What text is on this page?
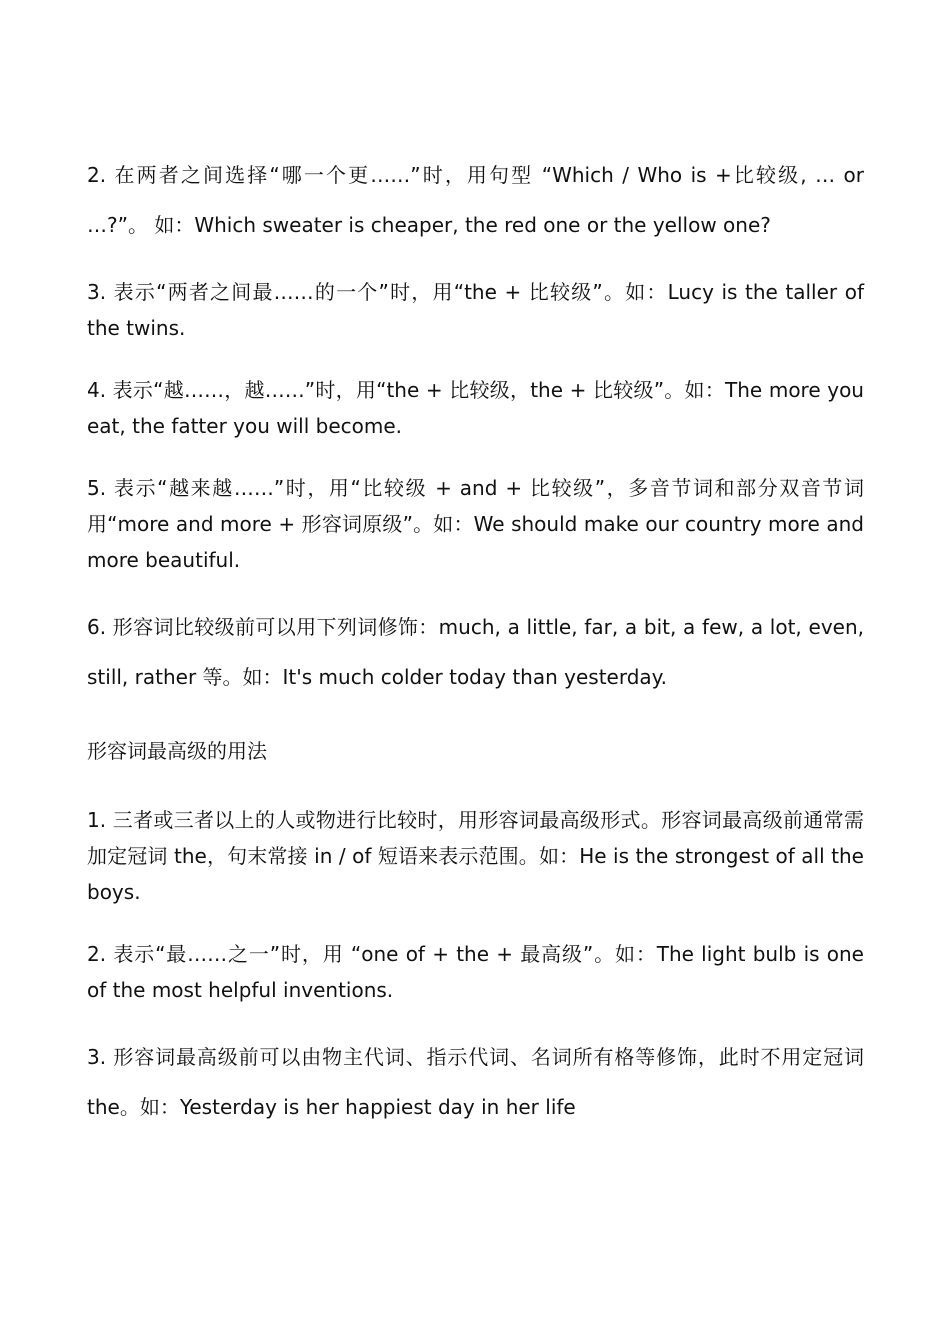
2. 在两者之间选择“哪一个更……”时，用句型 “Which / Who is +比较级, … or …?”。 如：Which sweater is cheaper, the red one or the yellow one?

3. 表示“两者之间最……的一个”时，用“the + 比较级”。如：Lucy is the taller of the twins.

4. 表示“越……，越……”时，用“the + 比较级，the + 比较级”。如：The more you eat, the fatter you will become.

5. 表示“越来越……”时，用“比较级 + and + 比较级”，多音节词和部分双音节词用“more and more + 形容词原级”。如：We should make our country more and more beautiful.

6. 形容词比较级前可以用下列词修饰：much, a little, far, a bit, a few, a lot, even, still, rather 等。如：It's much colder today than yesterday.

形容词最高级的用法

1. 三者或三者以上的人或物进行比较时，用形容词最高级形式。形容词最高级前通常需加定冠词 the，句末常接 in / of 短语来表示范围。如：He is the strongest of all the boys.

2. 表示“最……之一”时，用 “one of + the + 最高级”。如：The light bulb is one of the most helpful inventions.

3. 形容词最高级前可以由物主代词、指示代词、名词所有格等修饰，此时不用定冠词 the。如：Yesterday is her happiest day in her life
